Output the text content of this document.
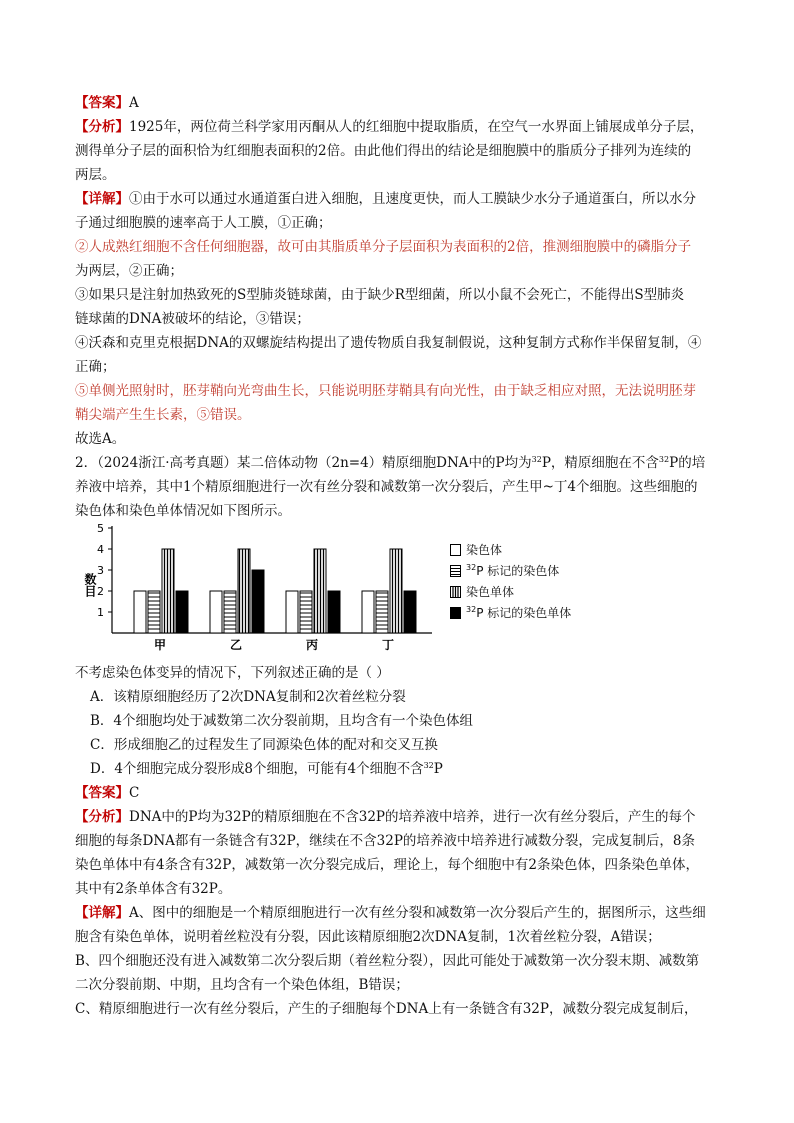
【答案】A
【分析】1925年，两位荷兰科学家用丙酮从人的红细胞中提取脂质，在空气一水界面上铺展成单分子层，
测得单分子层的面积恰为红细胞表面积的2倍。由此他们得出的结论是细胞膜中的脂质分子排列为连续的
两层。
【详解】①由于水可以通过水通道蛋白进入细胞，且速度更快，而人工膜缺少水分子通道蛋白，所以水分
子通过细胞膜的速率高于人工膜，①正确；
②人成熟红细胞不含任何细胞器，故可由其脂质单分子层面积为表面积的2倍，推测细胞膜中的磷脂分子
为两层，②正确；
③如果只是注射加热致死的S型肺炎链球菌，由于缺少R型细菌，所以小鼠不会死亡，不能得出S型肺炎
链球菌的DNA被破坏的结论，③错误；
④沃森和克里克根据DNA的双螺旋结构提出了遗传物质自我复制假说，这种复制方式称作半保留复制，④
正确；
⑤单侧光照射时，胚芽鞘向光弯曲生长，只能说明胚芽鞘具有向光性，由于缺乏相应对照，无法说明胚芽
鞘尖端产生生长素，⑤错误。
故选A。
2．（2024浙江·高考真题）某二倍体动物（2n=4）精原细胞DNA中的P均为$^{32}$P，精原细胞在不含$^{32}$P的培
养液中培养，其中1个精原细胞进行一次有丝分裂和减数第一次分裂后，产生甲~丁4个细胞。这些细胞的
染色体和染色单体情况如下图所示。
1
2
3
4
5
数目
甲	乙	丙	丁
染色体
$^{32}$P 标记的染色体
染色单体
$^{32}$P 标记的染色单体
不考虑染色体变异的情况下，下列叙述正确的是（ ）
A．该精原细胞经历了2次DNA复制和2次着丝粒分裂
B．4个细胞均处于减数第二次分裂前期，且均含有一个染色体组
C．形成细胞乙的过程发生了同源染色体的配对和交叉互换
D．4个细胞完成分裂形成8个细胞，可能有4个细胞不含$^{32}$P
【答案】C
【分析】DNA中的P均为32P的精原细胞在不含32P的培养液中培养，进行一次有丝分裂后，产生的每个
细胞的每条DNA都有一条链含有32P，继续在不含32P的培养液中培养进行减数分裂，完成复制后，8条
染色单体中有4条含有32P，减数第一次分裂完成后，理论上，每个细胞中有2条染色体，四条染色单体，
其中有2条单体含有32P。
【详解】A、图中的细胞是一个精原细胞进行一次有丝分裂和减数第一次分裂后产生的，据图所示，这些细
胞含有染色单体，说明着丝粒没有分裂，因此该精原细胞2次DNA复制，1次着丝粒分裂，A错误；
B、四个细胞还没有进入减数第二次分裂后期（着丝粒分裂），因此可能处于减数第一次分裂末期、减数第
二次分裂前期、中期，且均含有一个染色体组，B错误；
C、精原细胞进行一次有丝分裂后，产生的子细胞每个DNA上有一条链含有32P，减数分裂完成复制后，
